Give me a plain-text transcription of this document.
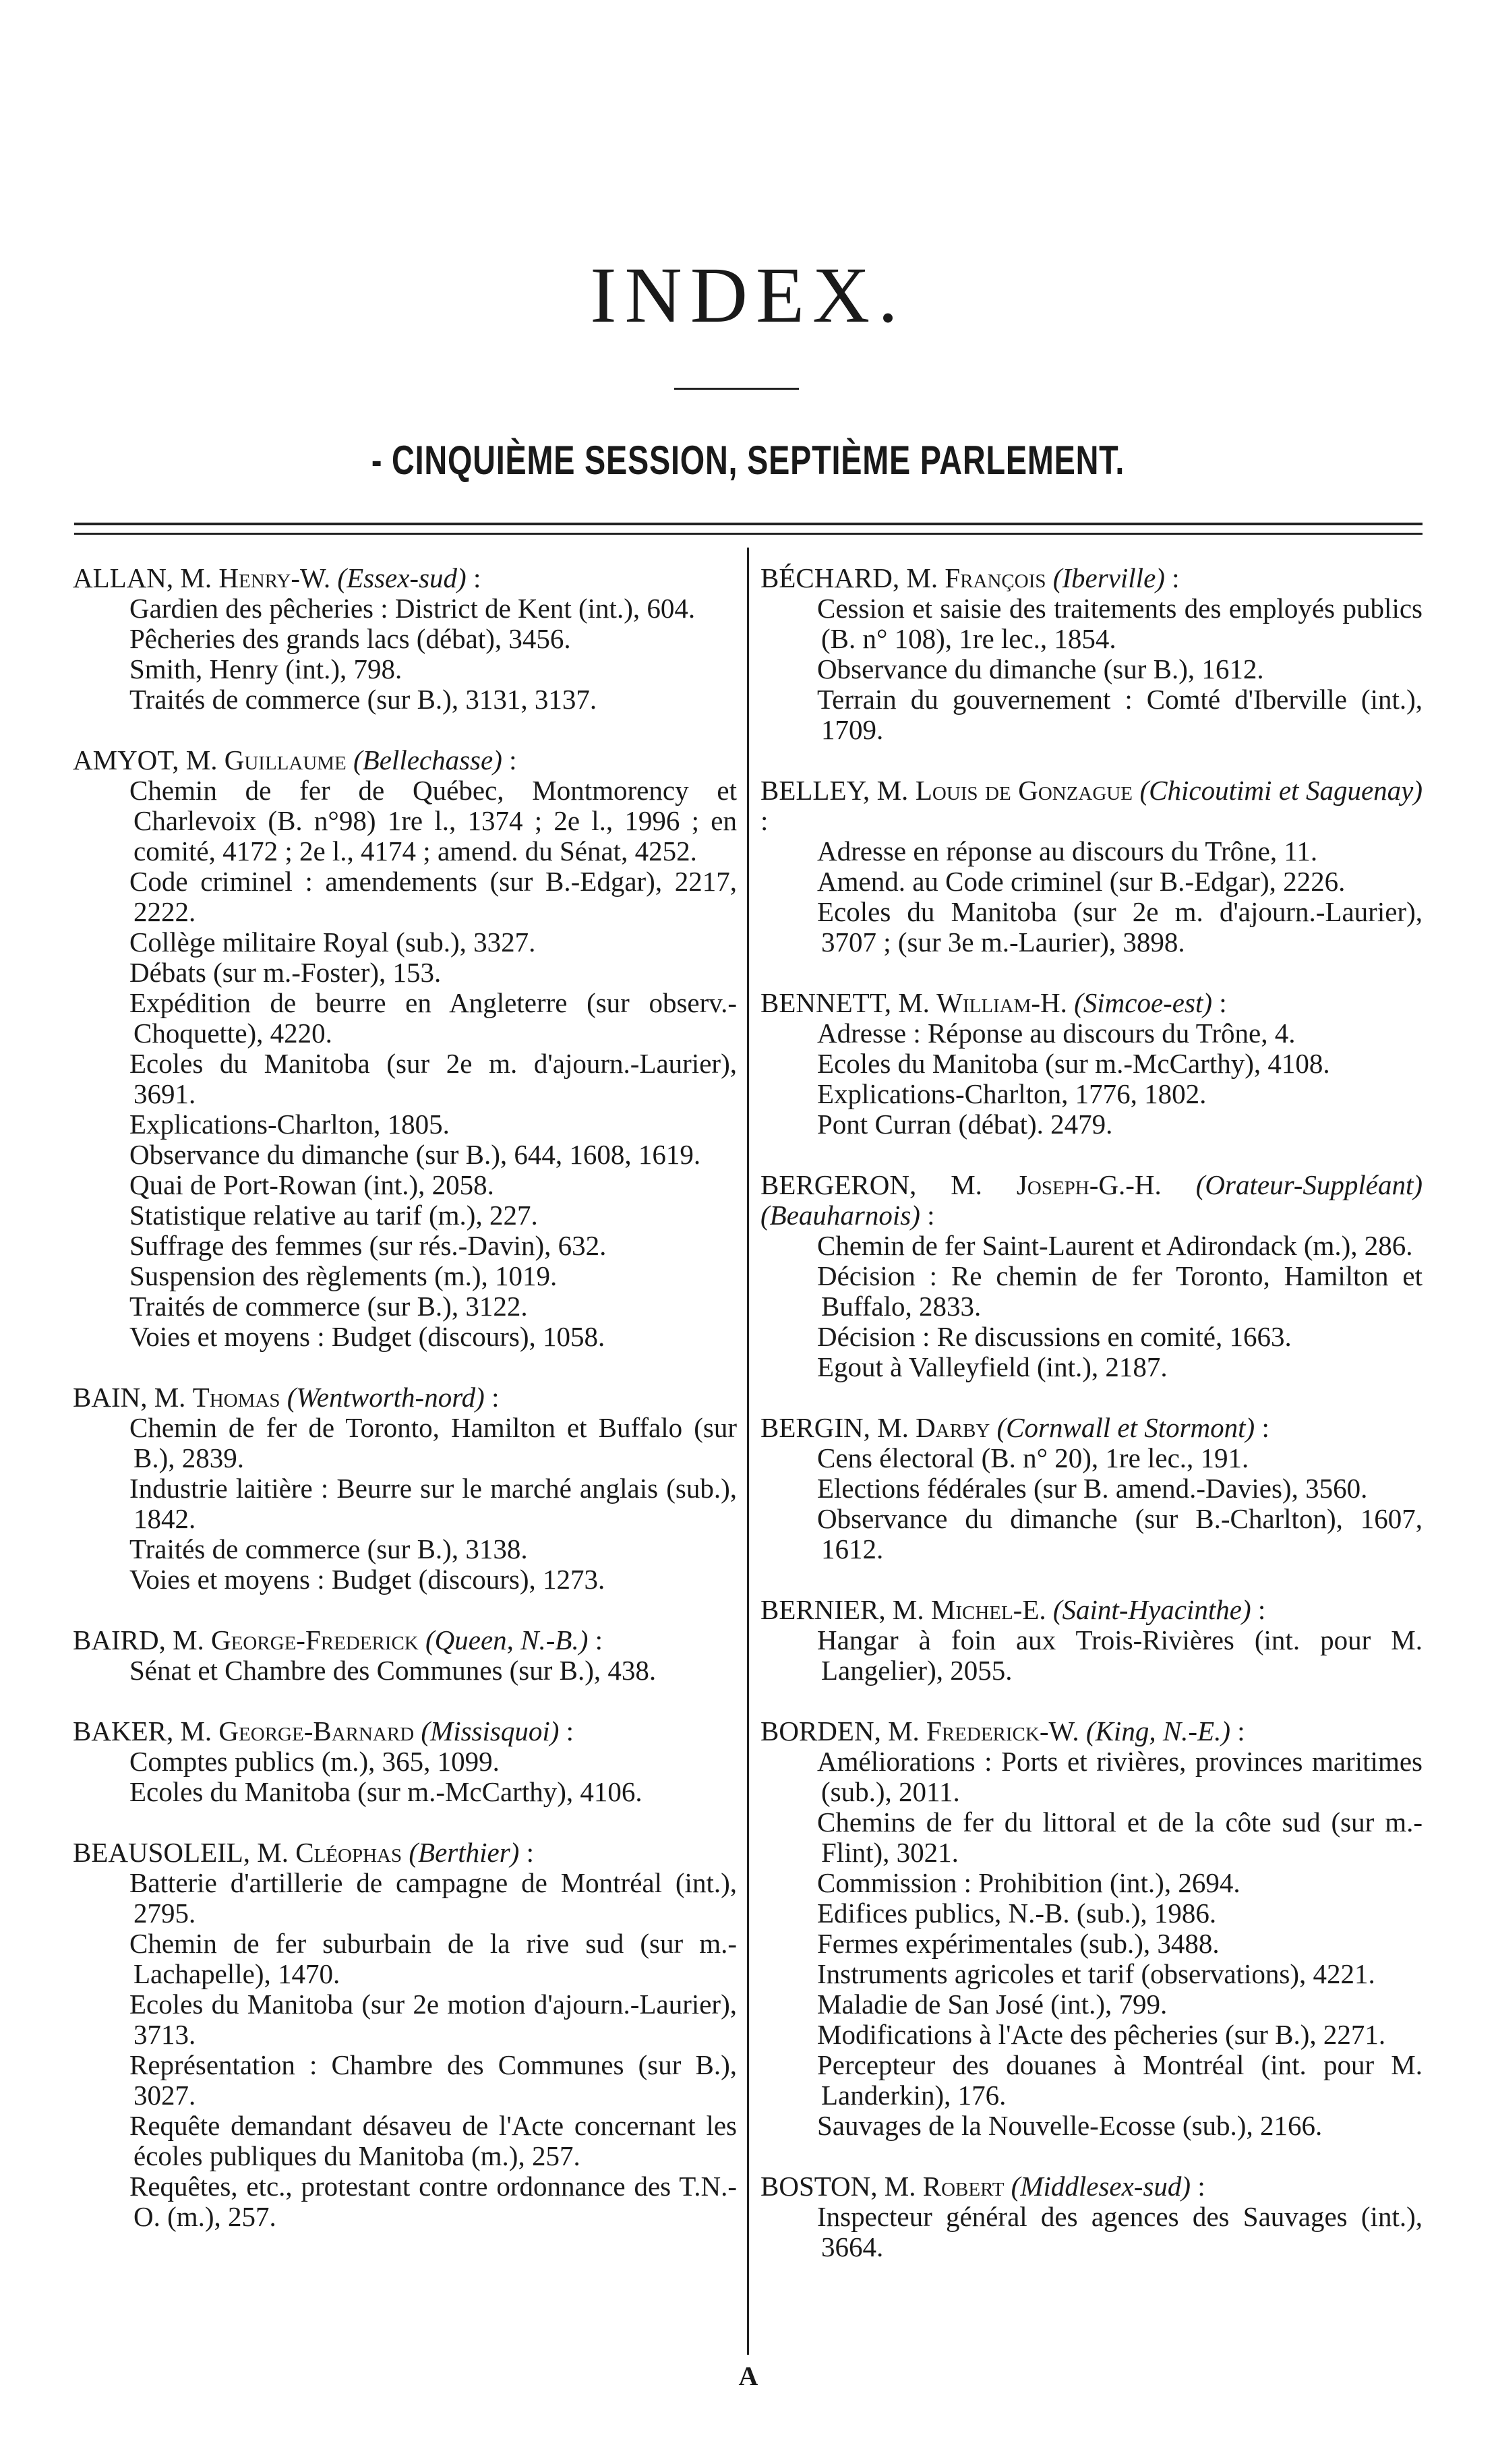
INDEX.
- CINQUIÈME SESSION, SEPTIÈME PARLEMENT.
ALLAN, M. Henry-W. (Essex-sud) :
Gardien des pêcheries : District de Kent (int.), 604.
Pêcheries des grands lacs (débat), 3456.
Smith, Henry (int.), 798.
Traités de commerce (sur B.), 3131, 3137.
AMYOT, M. Guillaume (Bellechasse) :
Chemin de fer de Québec, Montmorency et Charlevoix (B. n°98) 1re l., 1374 ; 2e l., 1996 ; en comité, 4172 ; 2e l., 4174 ; amend. du Sénat, 4252.
Code criminel : amendements (sur B.-Edgar), 2217, 2222.
Collège militaire Royal (sub.), 3327.
Débats (sur m.-Foster), 153.
Expédition de beurre en Angleterre (sur observ.-Choquette), 4220.
Ecoles du Manitoba (sur 2e m. d'ajourn.-Laurier), 3691.
Explications-Charlton, 1805.
Observance du dimanche (sur B.), 644, 1608, 1619.
Quai de Port-Rowan (int.), 2058.
Statistique relative au tarif (m.), 227.
Suffrage des femmes (sur rés.-Davin), 632.
Suspension des règlements (m.), 1019.
Traités de commerce (sur B.), 3122.
Voies et moyens : Budget (discours), 1058.
BAIN, M. Thomas (Wentworth-nord) :
Chemin de fer de Toronto, Hamilton et Buffalo (sur B.), 2839.
Industrie laitière : Beurre sur le marché anglais (sub.), 1842.
Traités de commerce (sur B.), 3138.
Voies et moyens : Budget (discours), 1273.
BAIRD, M. George-Frederick (Queen, N.-B.) :
Sénat et Chambre des Communes (sur B.), 438.
BAKER, M. George-Barnard (Missisquoi) :
Comptes publics (m.), 365, 1099.
Ecoles du Manitoba (sur m.-McCarthy), 4106.
BEAUSOLEIL, M. Cléophas (Berthier) :
Batterie d'artillerie de campagne de Montréal (int.), 2795.
Chemin de fer suburbain de la rive sud (sur m.-Lachapelle), 1470.
Ecoles du Manitoba (sur 2e motion d'ajourn.-Laurier), 3713.
Représentation : Chambre des Communes (sur B.), 3027.
Requête demandant désaveu de l'Acte concernant les écoles publiques du Manitoba (m.), 257.
Requêtes, etc., protestant contre ordonnance des T.N.-O. (m.), 257.
BÉCHARD, M. François (Iberville) :
Cession et saisie des traitements des employés publics (B. n° 108), 1re lec., 1854.
Observance du dimanche (sur B.), 1612.
Terrain du gouvernement : Comté d'Iberville (int.), 1709.
BELLEY, M. Louis de Gonzague (Chicoutimi et Saguenay) :
Adresse en réponse au discours du Trône, 11.
Amend. au Code criminel (sur B.-Edgar), 2226.
Ecoles du Manitoba (sur 2e m. d'ajourn.-Laurier), 3707 ; (sur 3e m.-Laurier), 3898.
BENNETT, M. William-H. (Simcoe-est) :
Adresse : Réponse au discours du Trône, 4.
Ecoles du Manitoba (sur m.-McCarthy), 4108.
Explications-Charlton, 1776, 1802.
Pont Curran (débat). 2479.
BERGERON, M. Joseph-G.-H. (Orateur-Suppléant) (Beauharnois) :
Chemin de fer Saint-Laurent et Adirondack (m.), 286.
Décision : Re chemin de fer Toronto, Hamilton et Buffalo, 2833.
Décision : Re discussions en comité, 1663.
Egout à Valleyfield (int.), 2187.
BERGIN, M. Darby (Cornwall et Stormont) :
Cens électoral (B. n° 20), 1re lec., 191.
Elections fédérales (sur B. amend.-Davies), 3560.
Observance du dimanche (sur B.-Charlton), 1607, 1612.
BERNIER, M. Michel-E. (Saint-Hyacinthe) :
Hangar à foin aux Trois-Rivières (int. pour M. Langelier), 2055.
BORDEN, M. Frederick-W. (King, N.-E.) :
Améliorations : Ports et rivières, provinces maritimes (sub.), 2011.
Chemins de fer du littoral et de la côte sud (sur m.-Flint), 3021.
Commission : Prohibition (int.), 2694.
Edifices publics, N.-B. (sub.), 1986.
Fermes expérimentales (sub.), 3488.
Instruments agricoles et tarif (observations), 4221.
Maladie de San José (int.), 799.
Modifications à l'Acte des pêcheries (sur B.), 2271.
Percepteur des douanes à Montréal (int. pour M. Landerkin), 176.
Sauvages de la Nouvelle-Ecosse (sub.), 2166.
BOSTON, M. Robert (Middlesex-sud) :
Inspecteur général des agences des Sauvages (int.), 3664.
A
